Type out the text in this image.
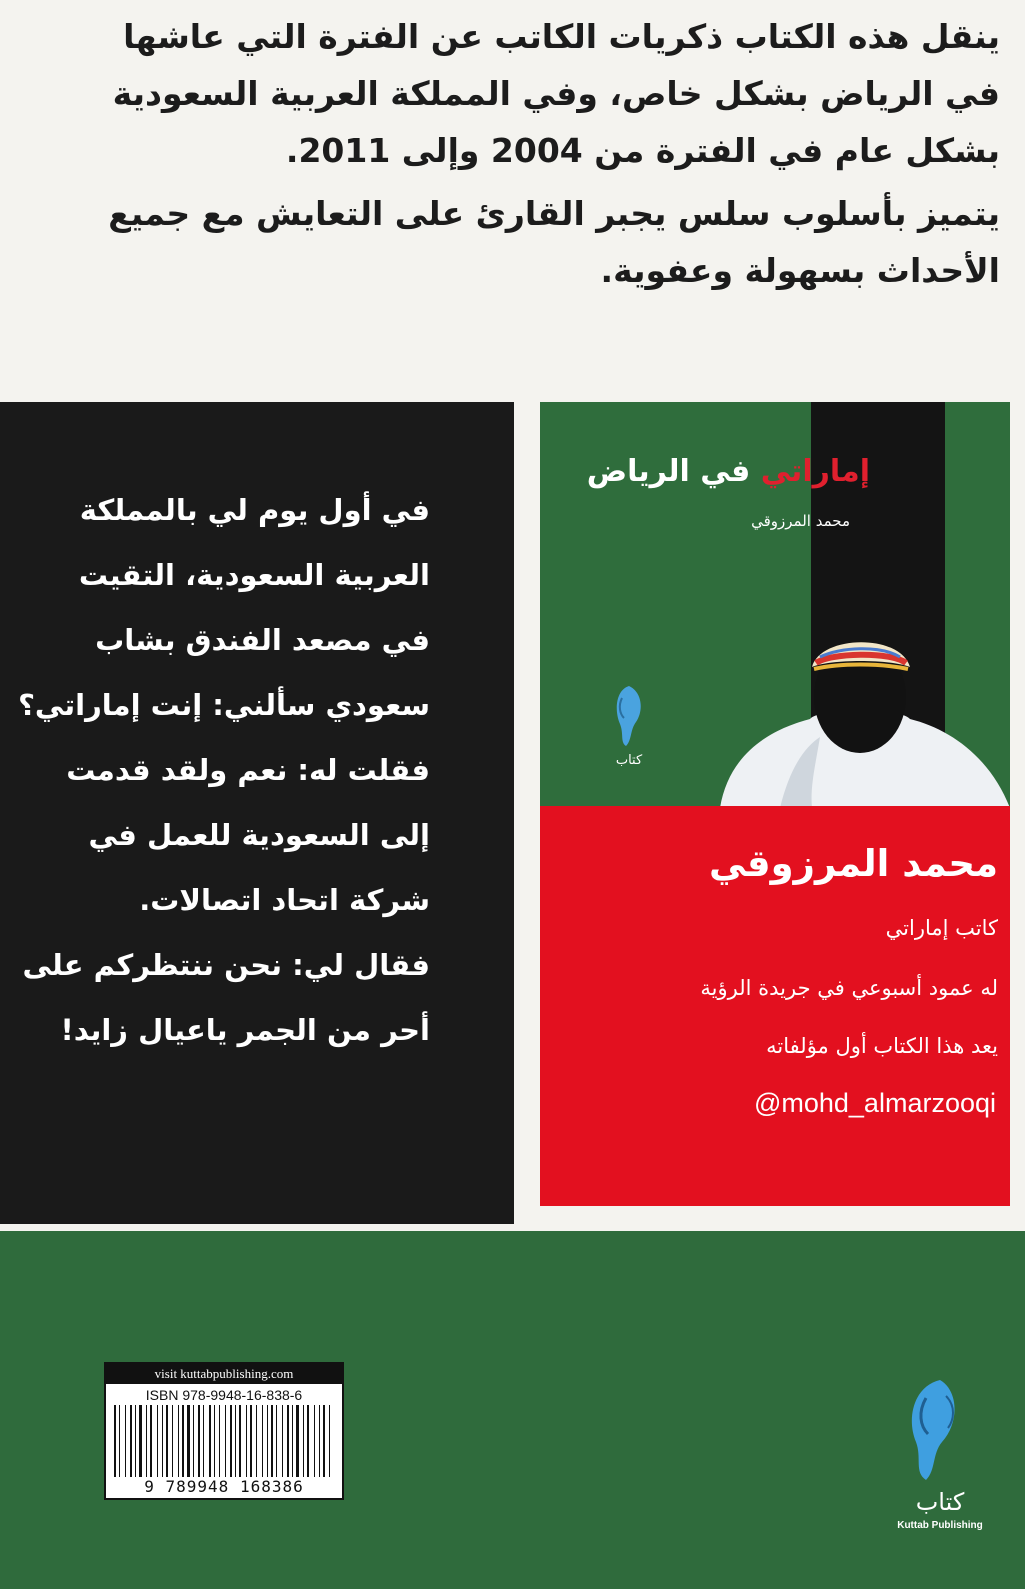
ينقل هذه الكتاب ذكريات الكاتب عن الفترة التي عاشها في الرياض بشكل خاص، وفي المملكة العربية السعودية بشكل عام في الفترة من 2004 وإلى 2011.

يتميز بأسلوب سلس يجبر القارئ على التعايش مع جميع الأحداث بسهولة وعفوية.

في أول يوم لي بالمملكة
العربية السعودية، التقيت
في مصعد الفندق بشاب
سعودي سألني: إنت إماراتي؟
فقلت له: نعم ولقد قدمت
إلى السعودية للعمل في
شركة اتحاد اتصالات.
فقال لي: نحن ننتظركم على
أحر من الجمر ياعيال زايد!
إماراتي في الرياض
محمد المرزوقي
كتاب
محمد المرزوقي
كاتب إماراتي
له عمود أسبوعي في جريدة الرؤية
يعد هذا الكتاب أول مؤلفاته
@mohd_almarzooqi
visit kuttabpublishing.com
ISBN 978-9948-16-838-6
9 789948 168386
كتاب
Kuttab Publishing
